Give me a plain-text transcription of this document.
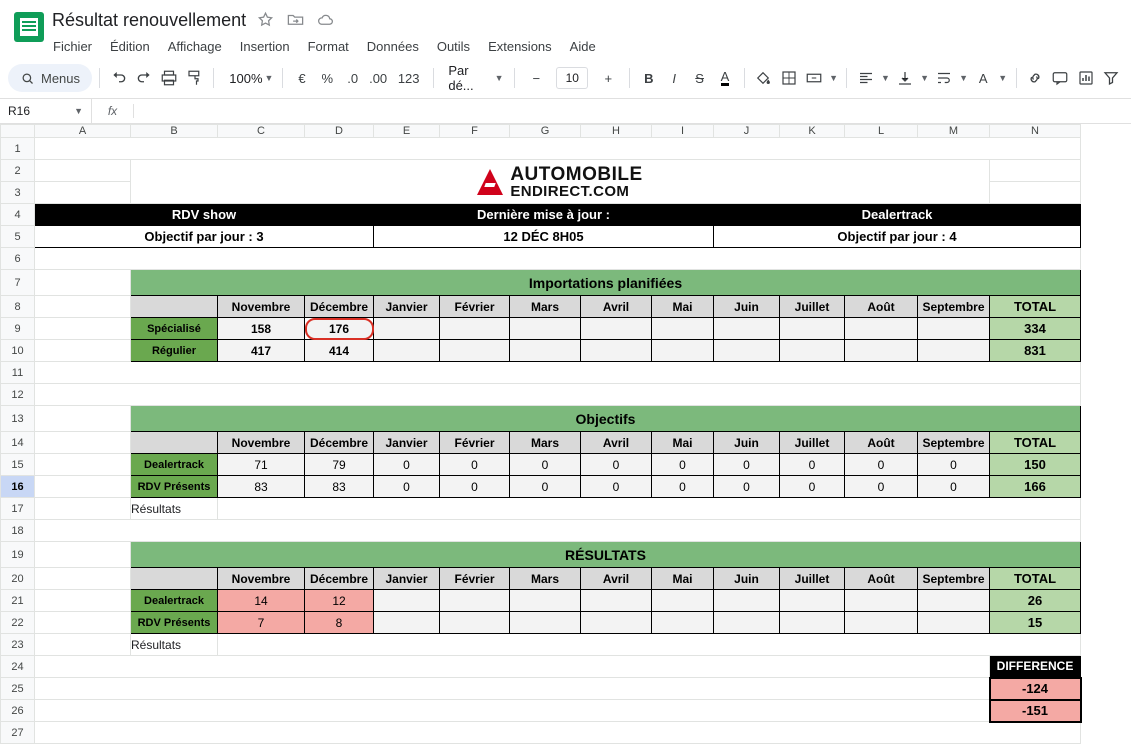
Résultat renouvellement
Fichier Édition Affichage Insertion Format Données Outils Extensions Aide
Menus	100% ▼	€	%	.0 .00 123	Par dé...	▼	−	10	+	B	I	S	A	▼	▼	▼	▼ A ▼
R16	▼	fx
	A	B	C	D	E	F	G	H	I	J	K	L	M	N
1														
2		AUTOMOBILE
ENDIRECT.COM												

3														
4	RDV show				Dernière mise à jour :					Dealertrack				
5	Objectif par jour : 3				12 DÉC 8H05					Objectif par jour : 4				
6														
7		Importations planifiées												
8			Novembre	Décembre	Janvier	Février	Mars	Avril	Mai	Juin	Juillet	Août	Septembre	TOTAL
9		Spécialisé	158	176										334
10		Régulier	417	414										831
11														
12														
13		Objectifs												
14			Novembre	Décembre	Janvier	Février	Mars	Avril	Mai	Juin	Juillet	Août	Septembre	TOTAL
15		Dealertrack	71	79	0	0	0	0	0	0	0	0	0	150
16		RDV Présents	83	83	0	0	0	0	0	0	0	0	0	166
17		Résultats												
18														
19		RÉSULTATS												
20			Novembre	Décembre	Janvier	Février	Mars	Avril	Mai	Juin	Juillet	Août	Septembre	TOTAL
21		Dealertrack	14	12										26
22		RDV Présents	7	8										15
23		Résultats												
24														DIFFERENCE
25														-124
26														-151
27														
